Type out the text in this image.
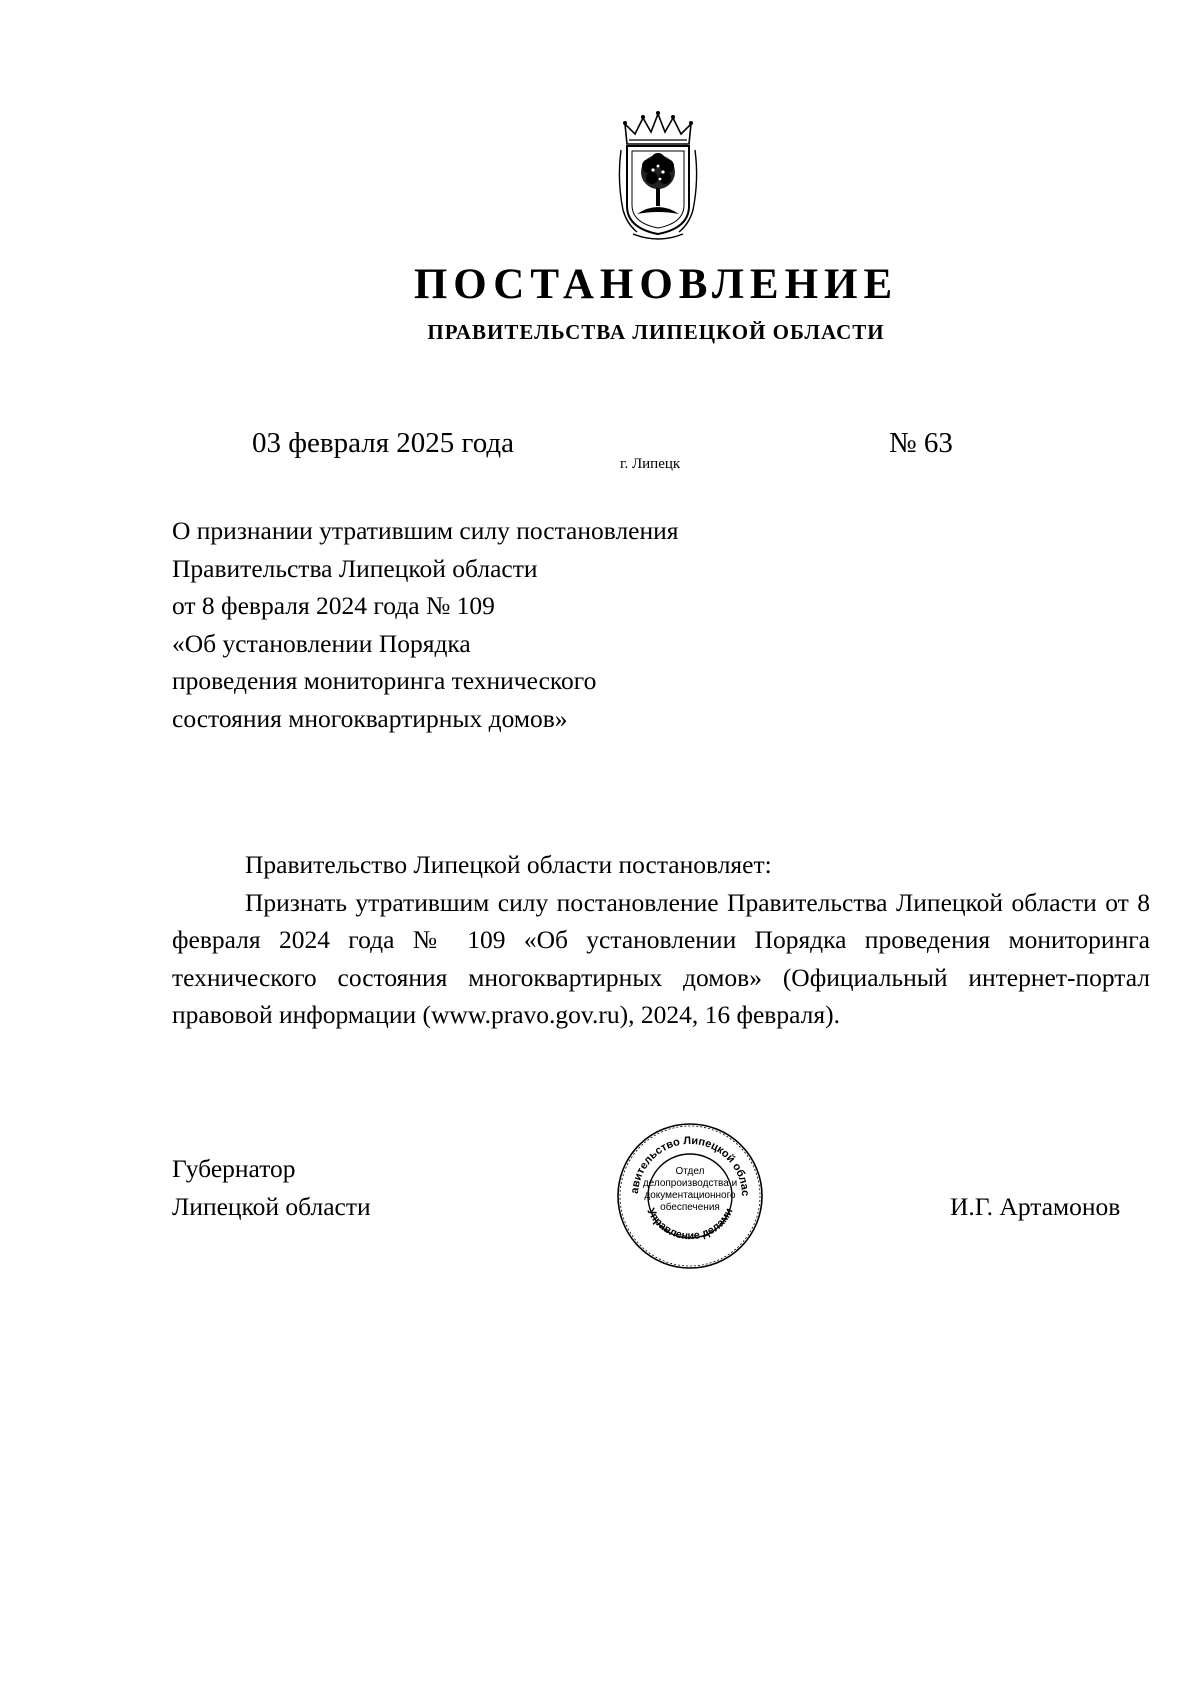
ПОСТАНОВЛЕНИЕ
ПРАВИТЕЛЬСТВА ЛИПЕЦКОЙ ОБЛАСТИ
03 февраля 2025 года
г. Липецк
№ 63
О признании утратившим силу постановления
Правительства Липецкой области
от 8 февраля 2024 года № 109
«Об установлении Порядка
проведения мониторинга технического
состояния многоквартирных домов»

Правительство Липецкой области постановляет:

Признать утратившим силу постановление Правительства Липецкой области от 8 февраля 2024 года № 109 «Об установлении Порядка проведения мониторинга технического состояния многоквартирных домов» (Официальный интернет-портал правовой информации (www.pravo.gov.ru), 2024, 16 февраля).

Губернатор
Липецкой области
авительство Липецкой облас
Управление делами
Отдел
делопроизводства и
документационного
обеспечения	И.Г. Артамонов
